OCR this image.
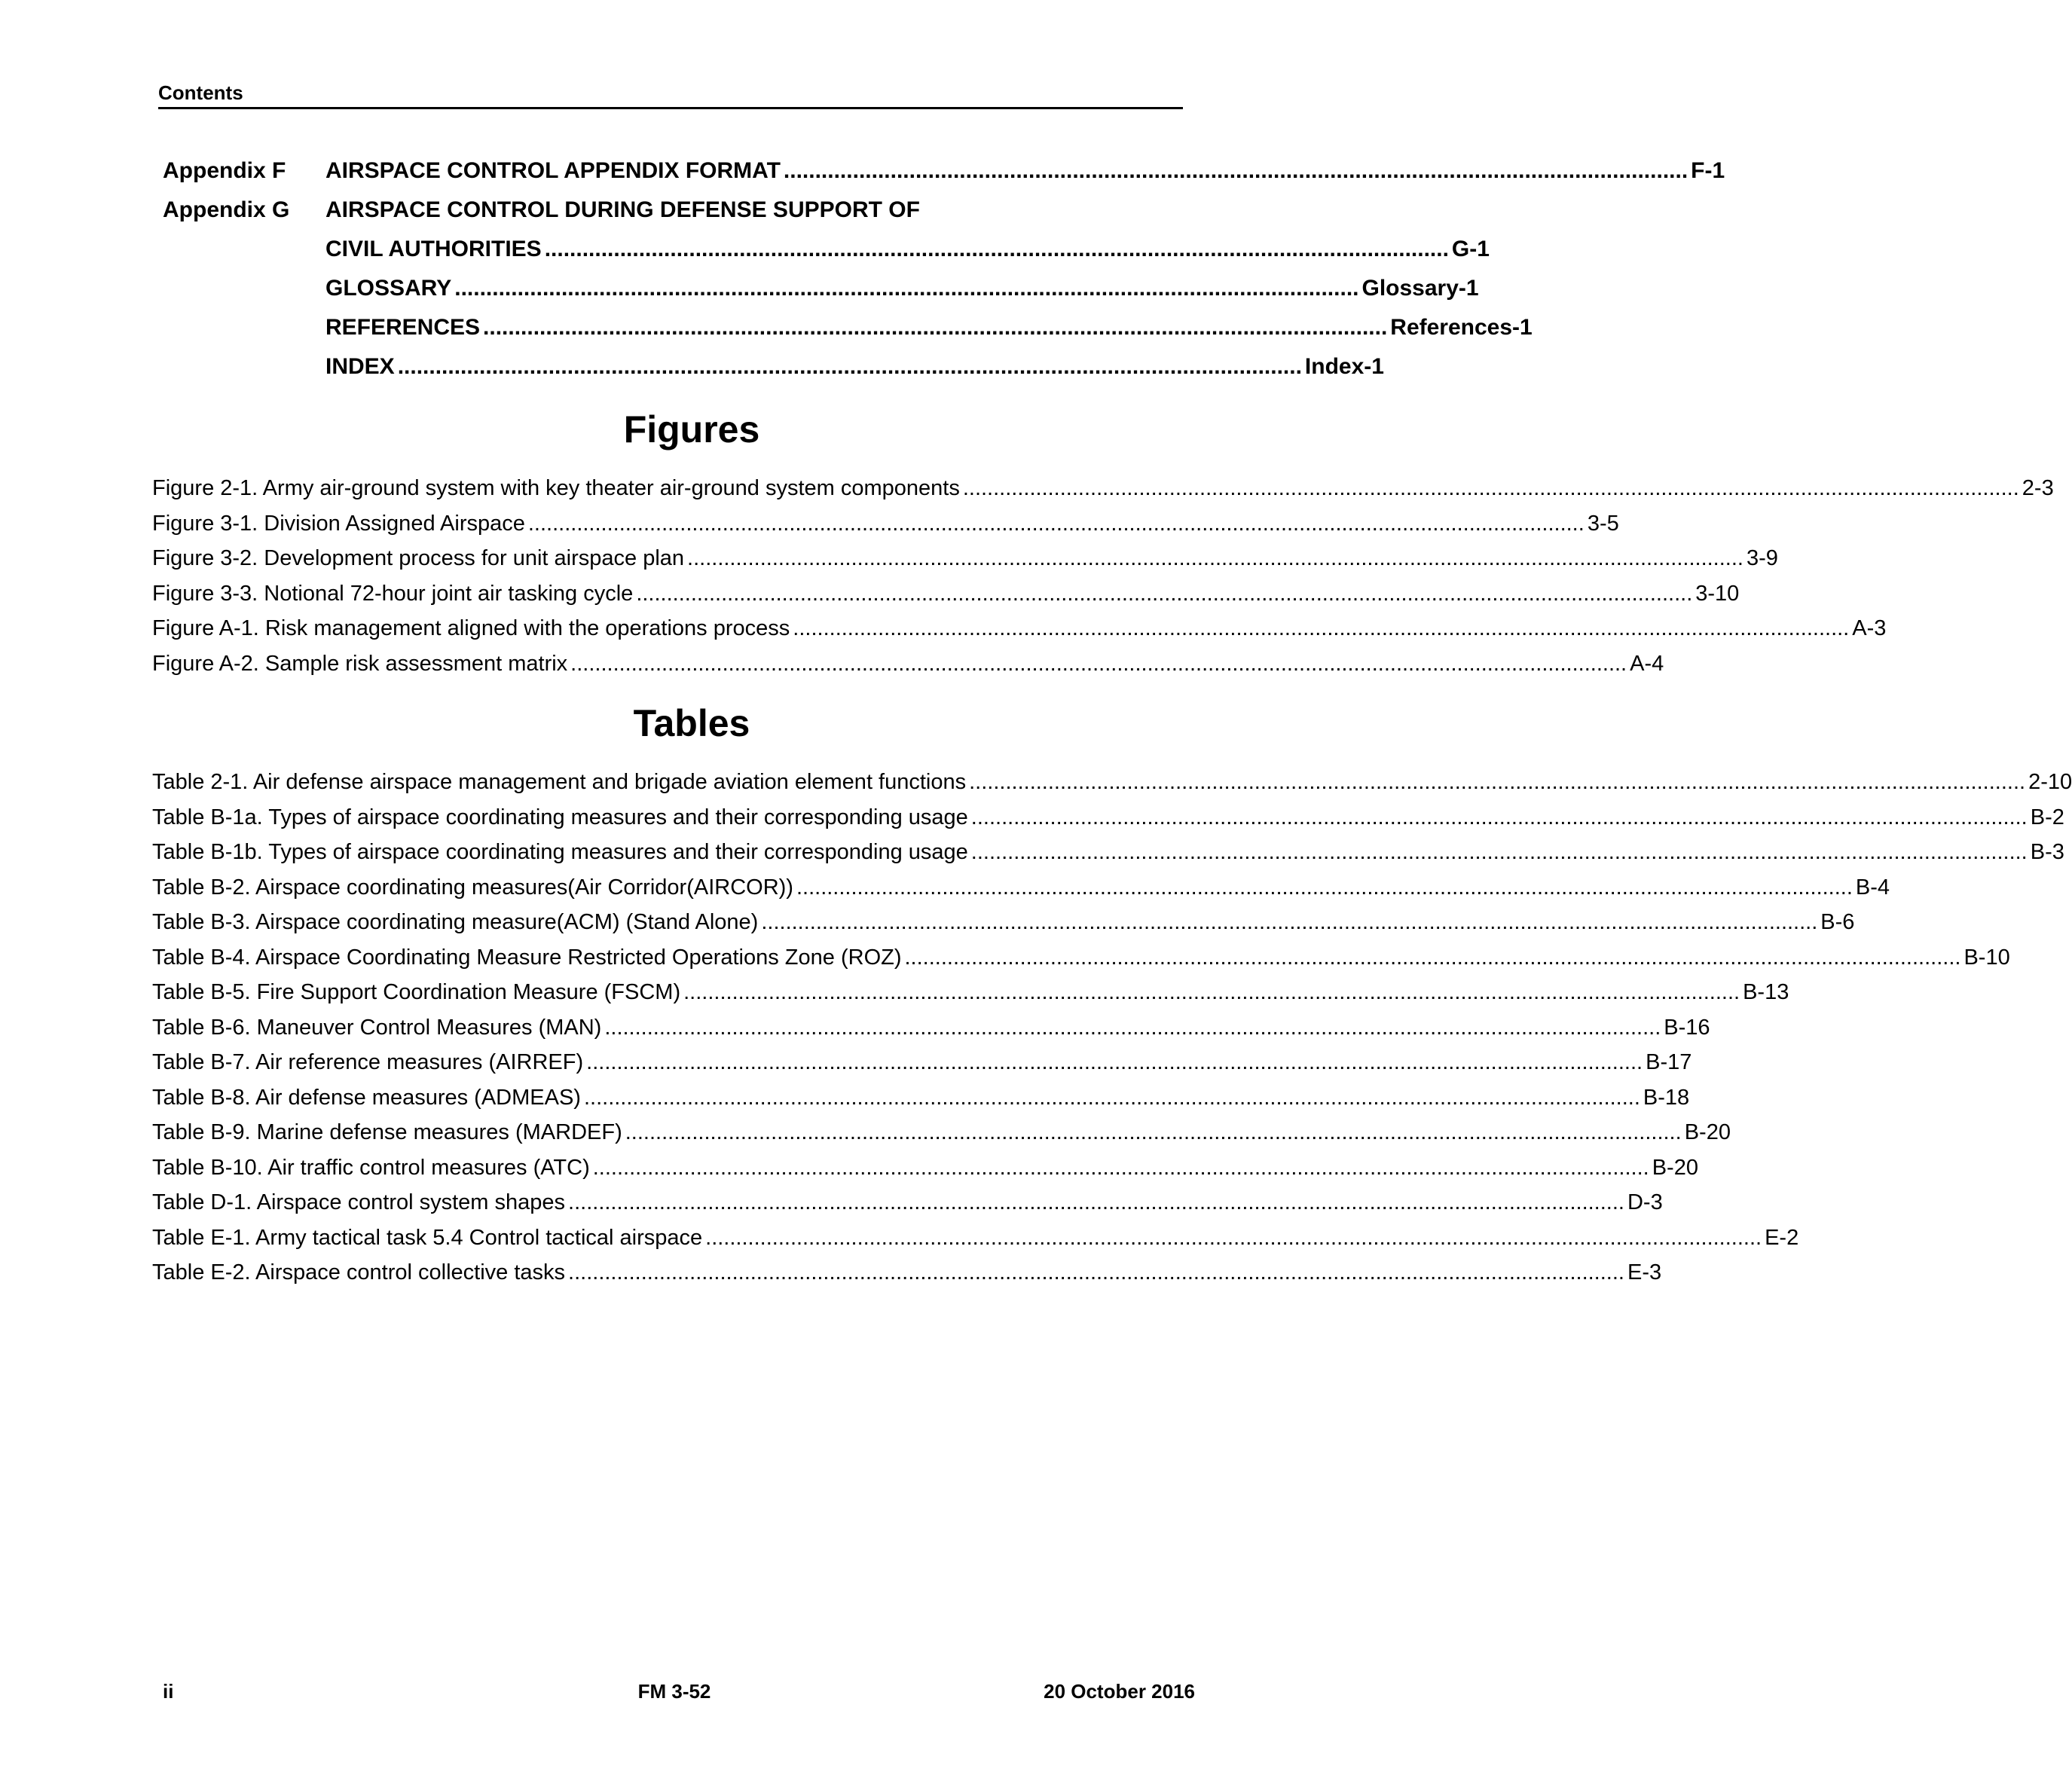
Contents
Appendix F	AIRSPACE CONTROL APPENDIX FORMAT ................................................................................................................................................ F-1
Appendix G	AIRSPACE CONTROL DURING DEFENSE SUPPORT OF
CIVIL AUTHORITIES ................................................................................................................................................ G-1
GLOSSARY ................................................................................................................................................ Glossary-1
REFERENCES ................................................................................................................................................ References-1
INDEX ................................................................................................................................................ Index-1
Figures
Figure 2-1. Army air-ground system with key theater air-ground system components .............................................................................................................................................................................. 2-3
Figure 3-1. Division Assigned Airspace .............................................................................................................................................................................. 3-5
Figure 3-2. Development process for unit airspace plan .............................................................................................................................................................................. 3-9
Figure 3-3. Notional 72-hour joint air tasking cycle .............................................................................................................................................................................. 3-10
Figure A-1. Risk management aligned with the operations process .............................................................................................................................................................................. A-3
Figure A-2. Sample risk assessment matrix .............................................................................................................................................................................. A-4
Tables
Table 2-1. Air defense airspace management and brigade aviation element functions .............................................................................................................................................................................. 2-10
Table B-1a. Types of airspace coordinating measures and their corresponding usage .............................................................................................................................................................................. B-2
Table B-1b. Types of airspace coordinating measures and their corresponding usage .............................................................................................................................................................................. B-3
Table B-2. Airspace coordinating measures(Air Corridor(AIRCOR)) .............................................................................................................................................................................. B-4
Table B-3. Airspace coordinating measure(ACM) (Stand Alone) .............................................................................................................................................................................. B-6
Table B-4. Airspace Coordinating Measure Restricted Operations Zone (ROZ) .............................................................................................................................................................................. B-10
Table B-5. Fire Support Coordination Measure (FSCM) .............................................................................................................................................................................. B-13
Table B-6. Maneuver Control Measures (MAN) .............................................................................................................................................................................. B-16
Table B-7. Air reference measures (AIRREF) .............................................................................................................................................................................. B-17
Table B-8. Air defense measures (ADMEAS) .............................................................................................................................................................................. B-18
Table B-9. Marine defense measures (MARDEF) .............................................................................................................................................................................. B-20
Table B-10. Air traffic control measures (ATC) .............................................................................................................................................................................. B-20
Table D-1. Airspace control system shapes .............................................................................................................................................................................. D-3
Table E-1. Army tactical task 5.4 Control tactical airspace .............................................................................................................................................................................. E-2
Table E-2. Airspace control collective tasks .............................................................................................................................................................................. E-3
ii	FM 3-52	20 October 2016
